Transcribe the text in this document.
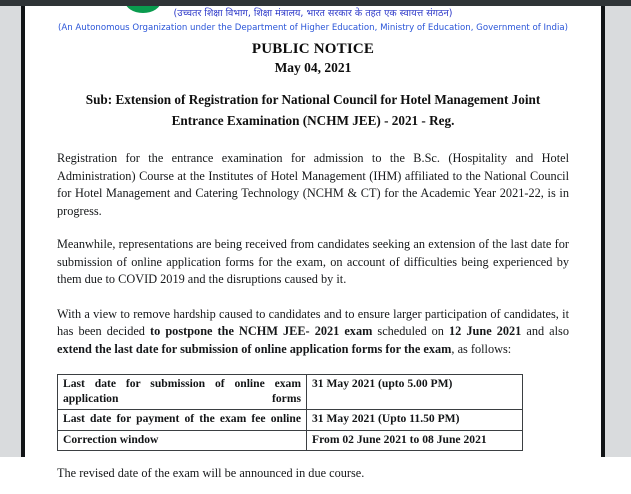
(उच्चतर शिक्षा विभाग, शिक्षा मंत्रालय, भारत सरकार के तहत एक स्वायत्त संगठन)
(An Autonomous Organization under the Department of Higher Education, Ministry of Education, Government of India)
PUBLIC NOTICE
May 04, 2021
Sub: Extension of Registration for National Council for Hotel Management Joint
Entrance Examination (NCHM JEE) - 2021 - Reg.

Registration for the entrance examination for admission to the B.Sc. (Hospitality and Hotel Administration) Course at the Institutes of Hotel Management (IHM) affiliated to the National Council for Hotel Management and Catering Technology (NCHM & CT) for the Academic Year 2021-22, is in progress.

Meanwhile, representations are being received from candidates seeking an extension of the last date for submission of online application forms for the exam, on account of difficulties being experienced by them due to COVID 2019 and the disruptions caused by it.

With a view to remove hardship caused to candidates and to ensure larger participation of candidates, it has been decided to postpone the NCHM JEE- 2021 exam scheduled on 12 June 2021 and also extend the last date for submission of online application forms for the exam, as follows:

Last date for submission of online exam application forms	31 May 2021 (upto 5.00 PM)
Last date for payment of the exam fee online	31 May 2021 (Upto 11.50 PM)
Correction window	From 02 June 2021 to 08 June 2021

The revised date of the exam will be announced in due course.
